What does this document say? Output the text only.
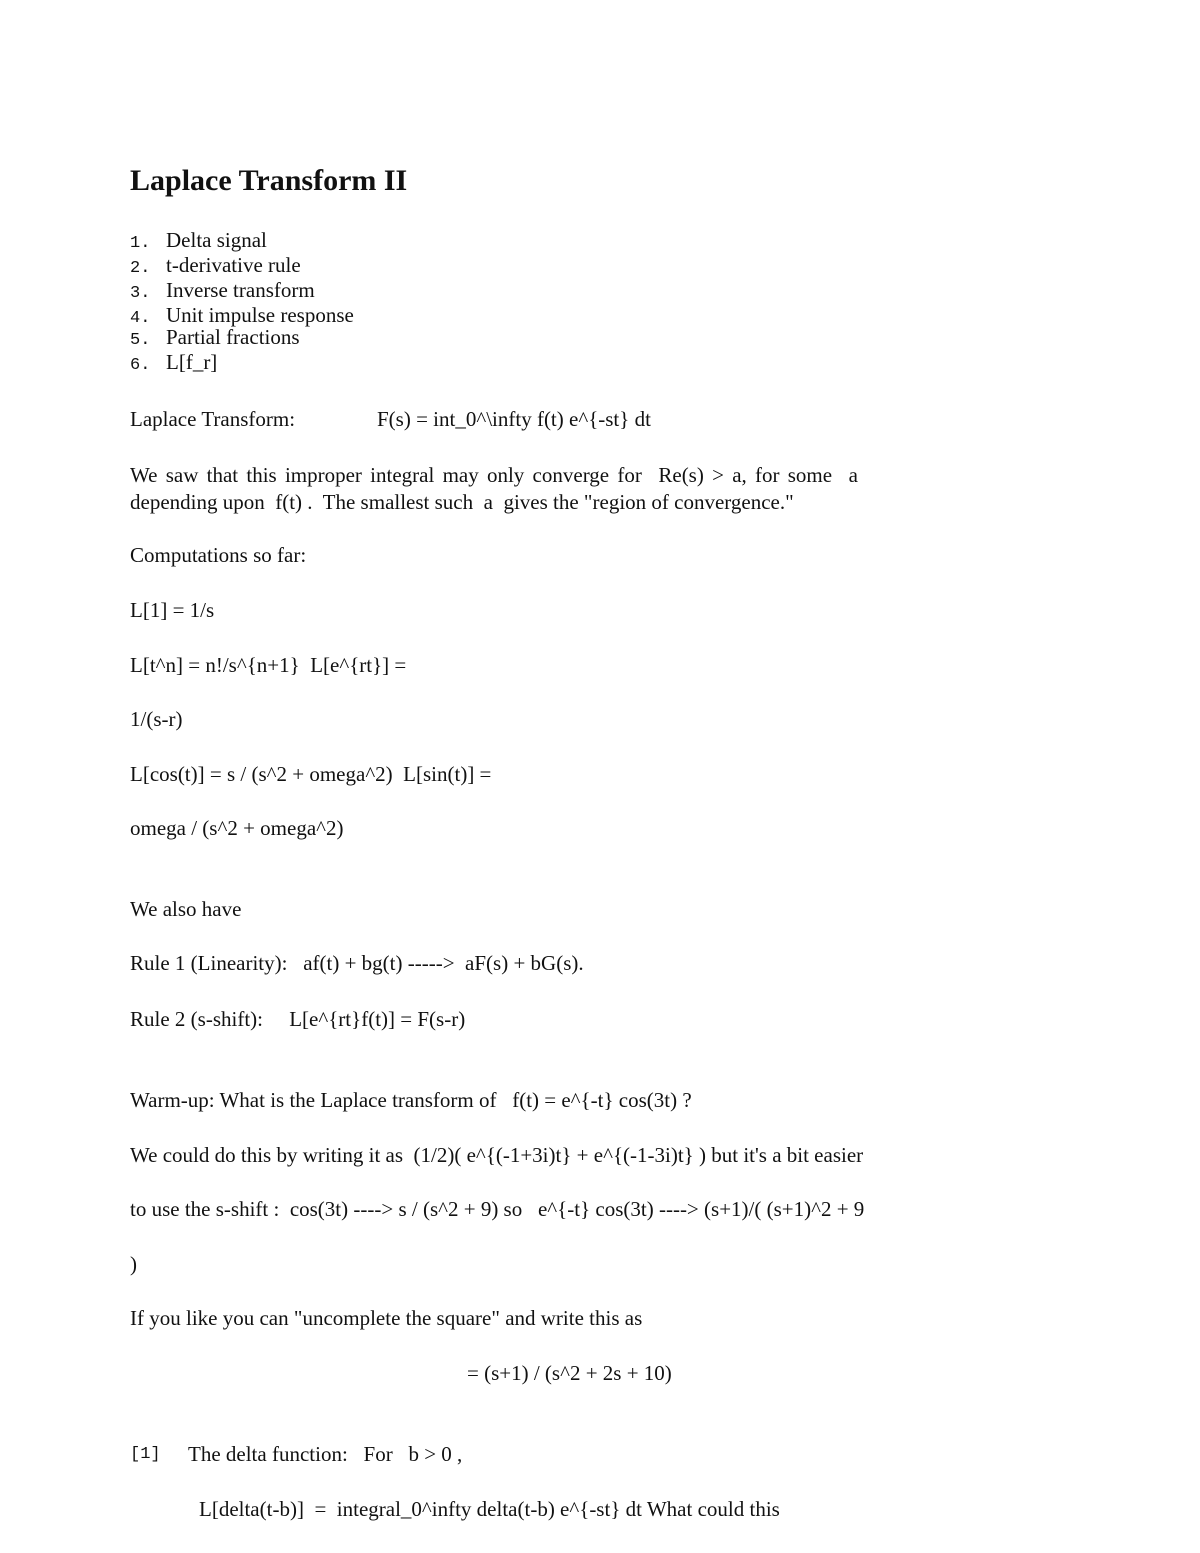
Laplace Transform II
1. Delta signal
2. t-derivative rule
3. Inverse transform
4. Unit impulse response
5. Partial fractions
6. L[f_r]
Laplace Transform:	F(s) = int_0^\infty f(t) e^{-st} dt
We saw that this improper integral may only converge for  Re(s) > a, for some  a
depending upon  f(t) .  The smallest such  a  gives the "region of convergence."
Computations so far:
L[1] = 1/s
L[t^n] = n!/s^{n+1}  L[e^{rt}] =
1/(s-r)
L[cos(t)] = s / (s^2 + omega^2)  L[sin(t)] =
omega / (s^2 + omega^2)
We also have
Rule 1 (Linearity):   af(t) + bg(t) ----->  aF(s) + bG(s).
Rule 2 (s-shift):     L[e^{rt}f(t)] = F(s-r)
Warm-up: What is the Laplace transform of   f(t) = e^{-t} cos(3t) ?
We could do this by writing it as  (1/2)( e^{(-1+3i)t} + e^{(-1-3i)t} ) but it's a bit easier
to use the s-shift :  cos(3t) ----> s / (s^2 + 9) so   e^{-t} cos(3t) ----> (s+1)/( (s+1)^2 + 9
)
If you like you can "uncomplete the square" and write this as
= (s+1) / (s^2 + 2s + 10)
[1] The delta function:   For   b > 0 ,
L[delta(t-b)]  =  integral_0^infty delta(t-b) e^{-st} dt What could this
